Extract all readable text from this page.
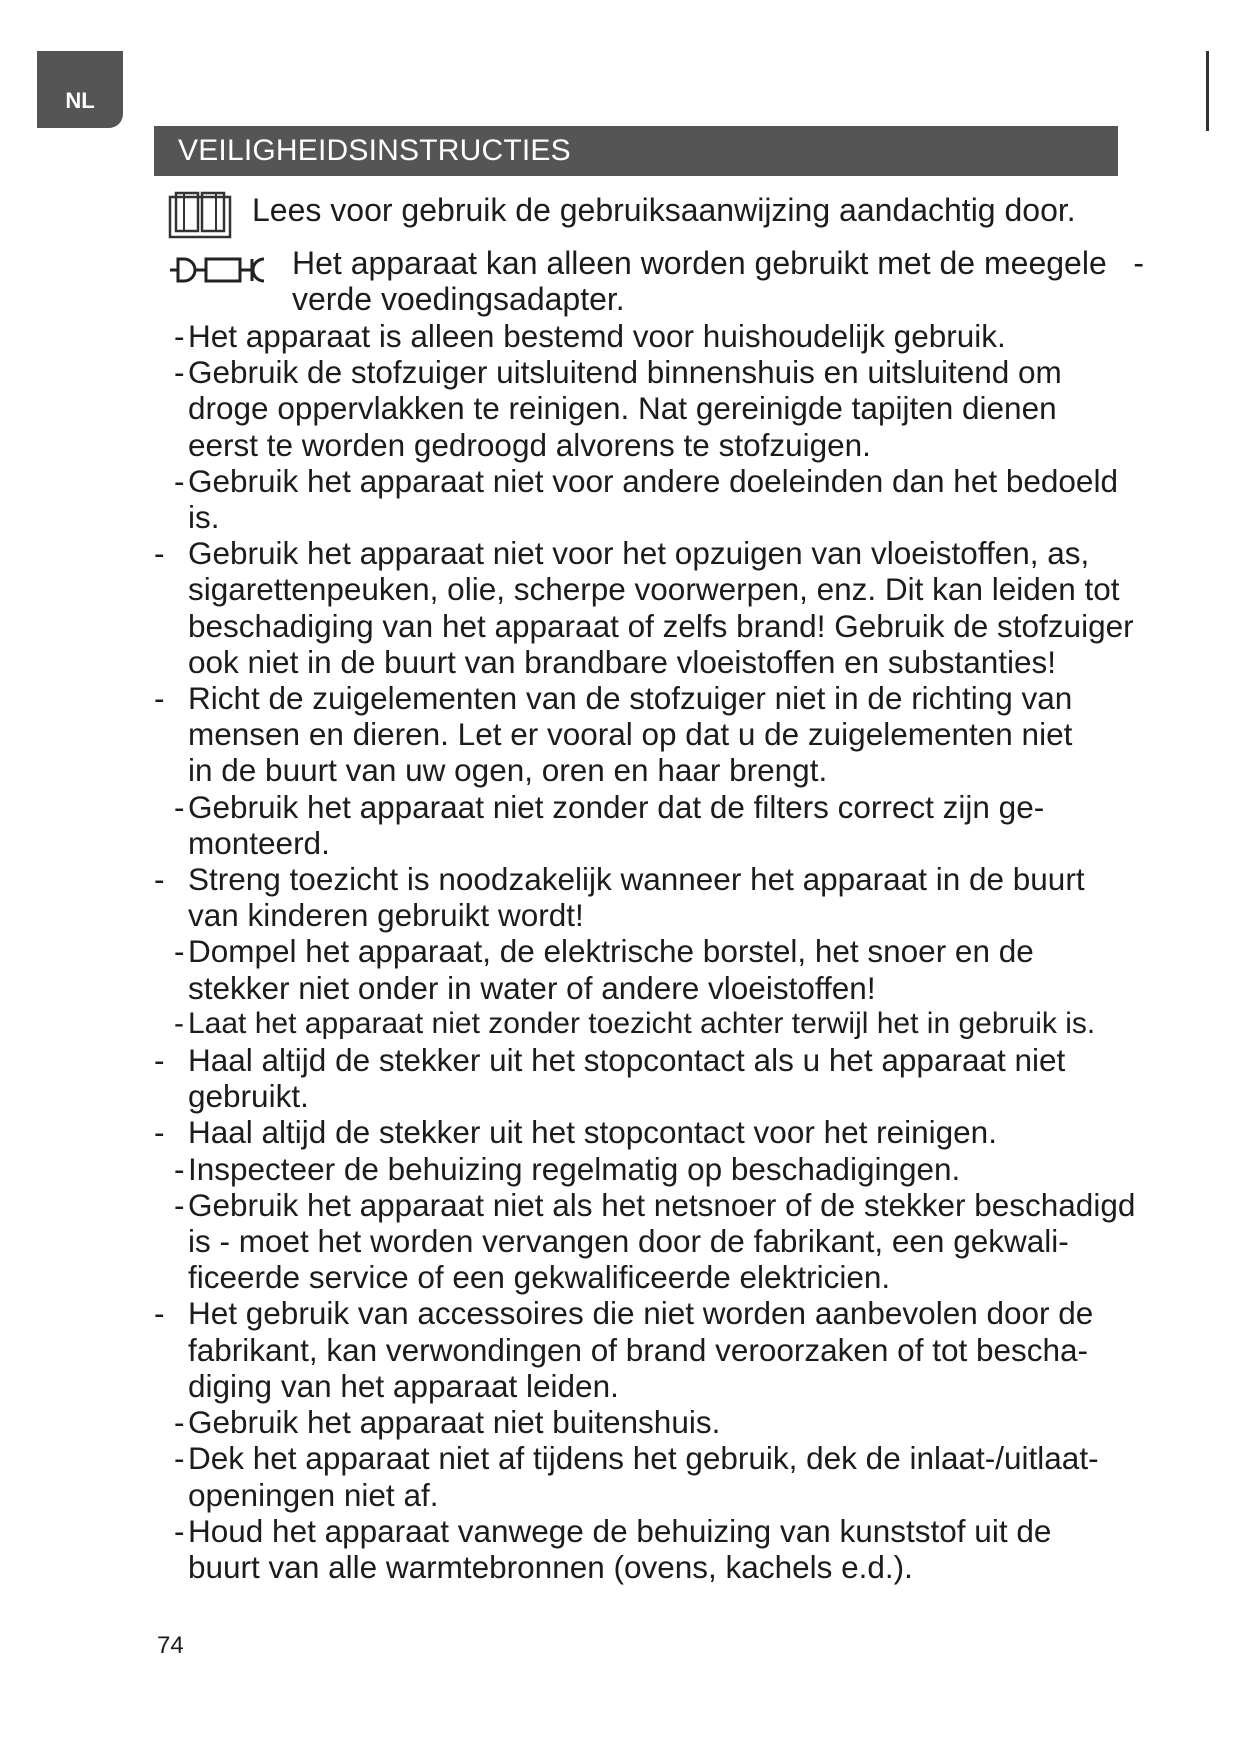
NL
VEILIGHEIDSINSTRUCTIES
Lees voor gebruik de gebruiksaanwijzing aandachtig door.
Het apparaat kan alleen worden gebruikt met de meegele   -
verde voedingsadapter.
- Het apparaat is alleen bestemd voor huishoudelijk gebruik.
- Gebruik de stofzuiger uitsluitend binnenshuis en uitsluitend om
droge oppervlakken te reinigen. Nat gereinigde tapijten dienen
eerst te worden gedroogd alvorens te stofzuigen.
- Gebruik het apparaat niet voor andere doeleinden dan het bedoeld
is.
- Gebruik het apparaat niet voor het opzuigen van vloeistoffen, as,
sigarettenpeuken, olie, scherpe voorwerpen, enz. Dit kan leiden tot
beschadiging van het apparaat of zelfs brand! Gebruik de stofzuiger
ook niet in de buurt van brandbare vloeistoffen en substanties!
- Richt de zuigelementen van de stofzuiger niet in de richting van
mensen en dieren. Let er vooral op dat u de zuigelementen niet
in de buurt van uw ogen, oren en haar brengt.
- Gebruik het apparaat niet zonder dat de filters correct zijn ge-
monteerd.
- Streng toezicht is noodzakelijk wanneer het apparaat in de buurt
van kinderen gebruikt wordt!
- Dompel het apparaat, de elektrische borstel, het snoer en de
stekker niet onder in water of andere vloeistoffen!
- Laat het apparaat niet zonder toezicht achter terwijl het in gebruik is.
- Haal altijd de stekker uit het stopcontact als u het apparaat niet
gebruikt.
- Haal altijd de stekker uit het stopcontact voor het reinigen.
- Inspecteer de behuizing regelmatig op beschadigingen.
- Gebruik het apparaat niet als het netsnoer of de stekker beschadigd
is - moet het worden vervangen door de fabrikant, een gekwali-
ficeerde service of een gekwalificeerde elektricien.
- Het gebruik van accessoires die niet worden aanbevolen door de
fabrikant, kan verwondingen of brand veroorzaken of tot bescha-
diging van het apparaat leiden.
- Gebruik het apparaat niet buitenshuis.
- Dek het apparaat niet af tijdens het gebruik, dek de inlaat-/uitlaat-
openingen niet af.
- Houd het apparaat vanwege de behuizing van kunststof uit de
buurt van alle warmtebronnen (ovens, kachels e.d.).
74
